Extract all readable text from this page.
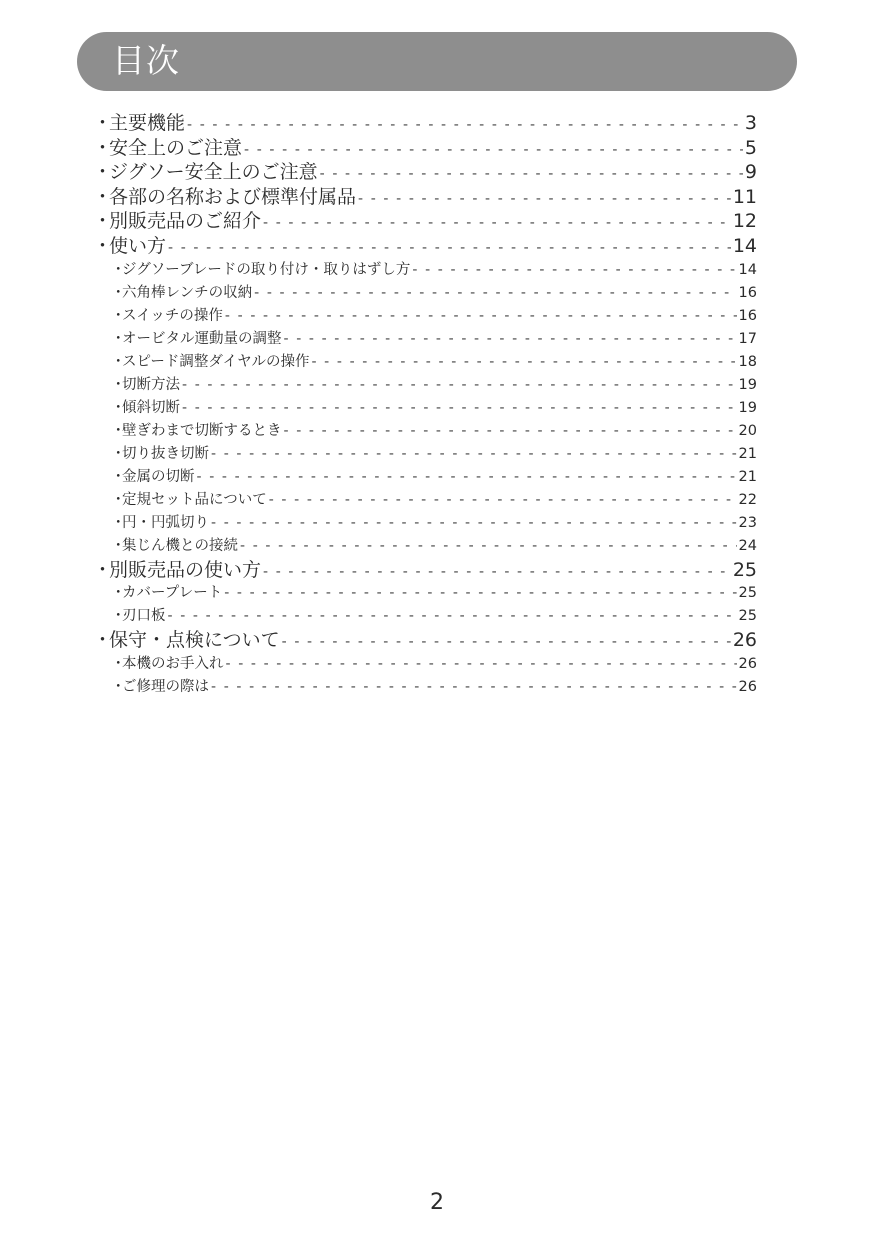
目次
・
主要機能 - - -	3
・
安全上のご注意 - - -	5
・
ジグソー安全上のご注意 - - -	9
・
各部の名称および標準付属品 - - -	11
・
別販売品のご紹介 - - -	12
・
使い方 - - -	14
・
ジグソーブレードの取り付け・取りはずし方 - - -	14
・
六角棒レンチの収納 - - -	16
・
スイッチの操作 - - -	16
・
オービタル運動量の調整 - - -	17
・
スピード調整ダイヤルの操作 - - -	18
・
切断方法 - - -	19
・
傾斜切断 - - -	19
・
壁ぎわまで切断するとき - - -	20
・
切り抜き切断 - - -	21
・
金属の切断 - - -	21
・
定規セット品について - - -	22
・
円・円弧切り - - -	23
・
集じん機との接続 - - -	24
・
別販売品の使い方 - - -	25
・
カバープレート - - -	25
・
刃口板 - - -	25
・
保守・点検について - - -	26
・
本機のお手入れ - - -	26
・
ご修理の際は - - -	26
2
